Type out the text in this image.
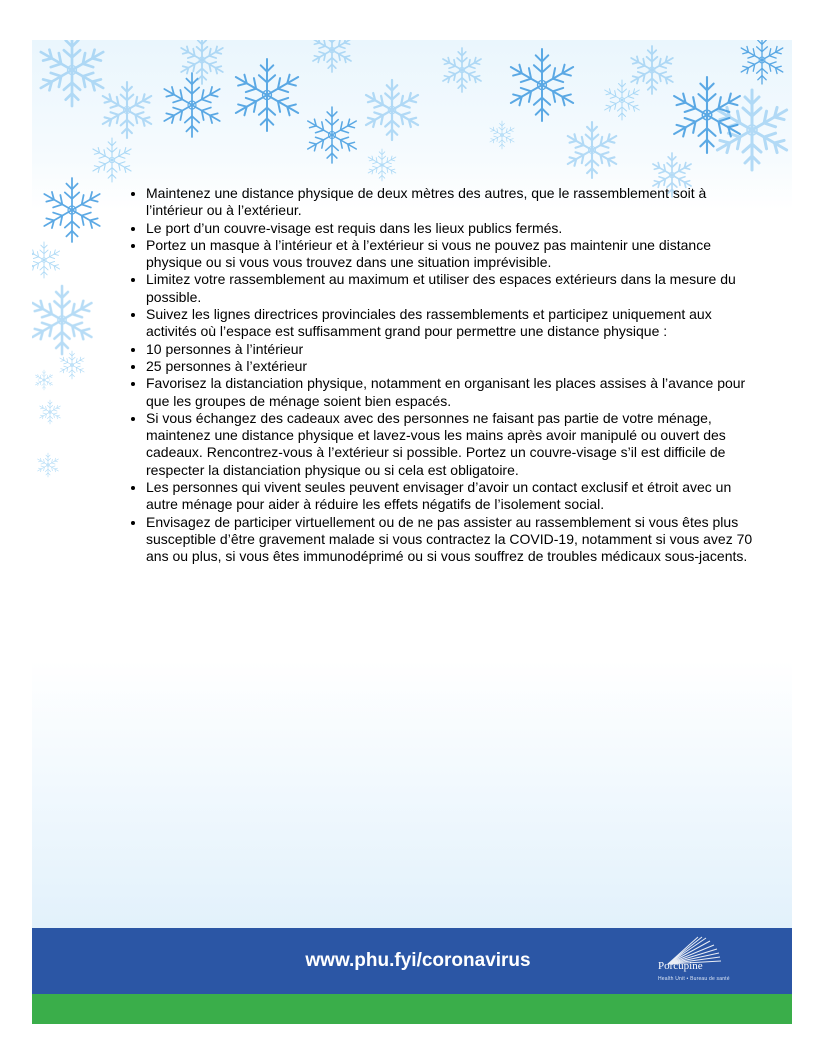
• Maintenez une distance physique de deux mètres des autres, que le rassemblement soit à l’intérieur ou à l’extérieur.
• Le port d’un couvre-visage est requis dans les lieux publics fermés.
• Portez un masque à l’intérieur et à l’extérieur si vous ne pouvez pas maintenir une distance physique ou si vous vous trouvez dans une situation imprévisible.
• Limitez votre rassemblement au maximum et utiliser des espaces extérieurs dans la mesure du possible.
• Suivez les lignes directrices provinciales des rassemblements et participez uniquement aux activités où l’espace est suffisamment grand pour permettre une distance physique :
• 10 personnes à l’intérieur
• 25 personnes à l’extérieur
• Favorisez la distanciation physique, notamment en organisant les places assises à l’avance pour que les groupes de ménage soient bien espacés.
• Si vous échangez des cadeaux avec des personnes ne faisant pas partie de votre ménage, maintenez une distance physique et lavez-vous les mains après avoir manipulé ou ouvert des cadeaux. Rencontrez-vous à l’extérieur si possible. Portez un couvre-visage s’il est difficile de respecter la distanciation physique ou si cela est obligatoire.
• Les personnes qui vivent seules peuvent envisager d’avoir un contact exclusif et étroit avec un autre ménage pour aider à réduire les effets négatifs de l’isolement social.
• Envisagez de participer virtuellement ou de ne pas assister au rassemblement si vous êtes plus susceptible d’être gravement malade si vous contractez la COVID-19, notamment si vous avez 70 ans ou plus, si vous êtes immunodéprimé ou si vous souffrez de troubles médicaux sous-jacents.
www.phu.fyi/coronavirus	Porcupine
Health Unit • Bureau de santé
